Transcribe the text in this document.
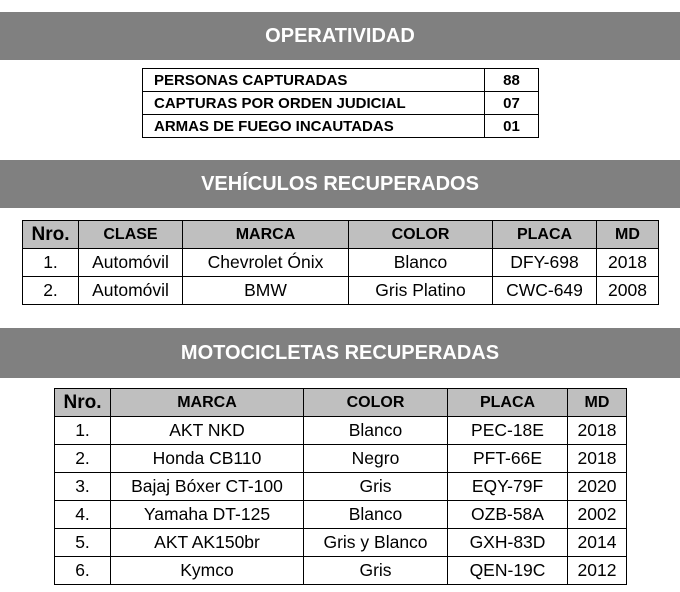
OPERATIVIDAD
PERSONAS CAPTURADAS	88
CAPTURAS POR ORDEN JUDICIAL	07
ARMAS DE FUEGO INCAUTADAS	01
VEHÍCULOS RECUPERADOS
Nro.	CLASE	MARCA	COLOR	PLACA	MD
1.	Automóvil	Chevrolet Ónix	Blanco	DFY-698	2018
2.	Automóvil	BMW	Gris Platino	CWC-649	2008
MOTOCICLETAS RECUPERADAS
Nro.	MARCA	COLOR	PLACA	MD
1.	AKT NKD	Blanco	PEC-18E	2018
2.	Honda CB110	Negro	PFT-66E	2018
3.	Bajaj Bóxer CT-100	Gris	EQY-79F	2020
4.	Yamaha DT-125	Blanco	OZB-58A	2002
5.	AKT AK150br	Gris y Blanco	GXH-83D	2014
6.	Kymco	Gris	QEN-19C	2012
